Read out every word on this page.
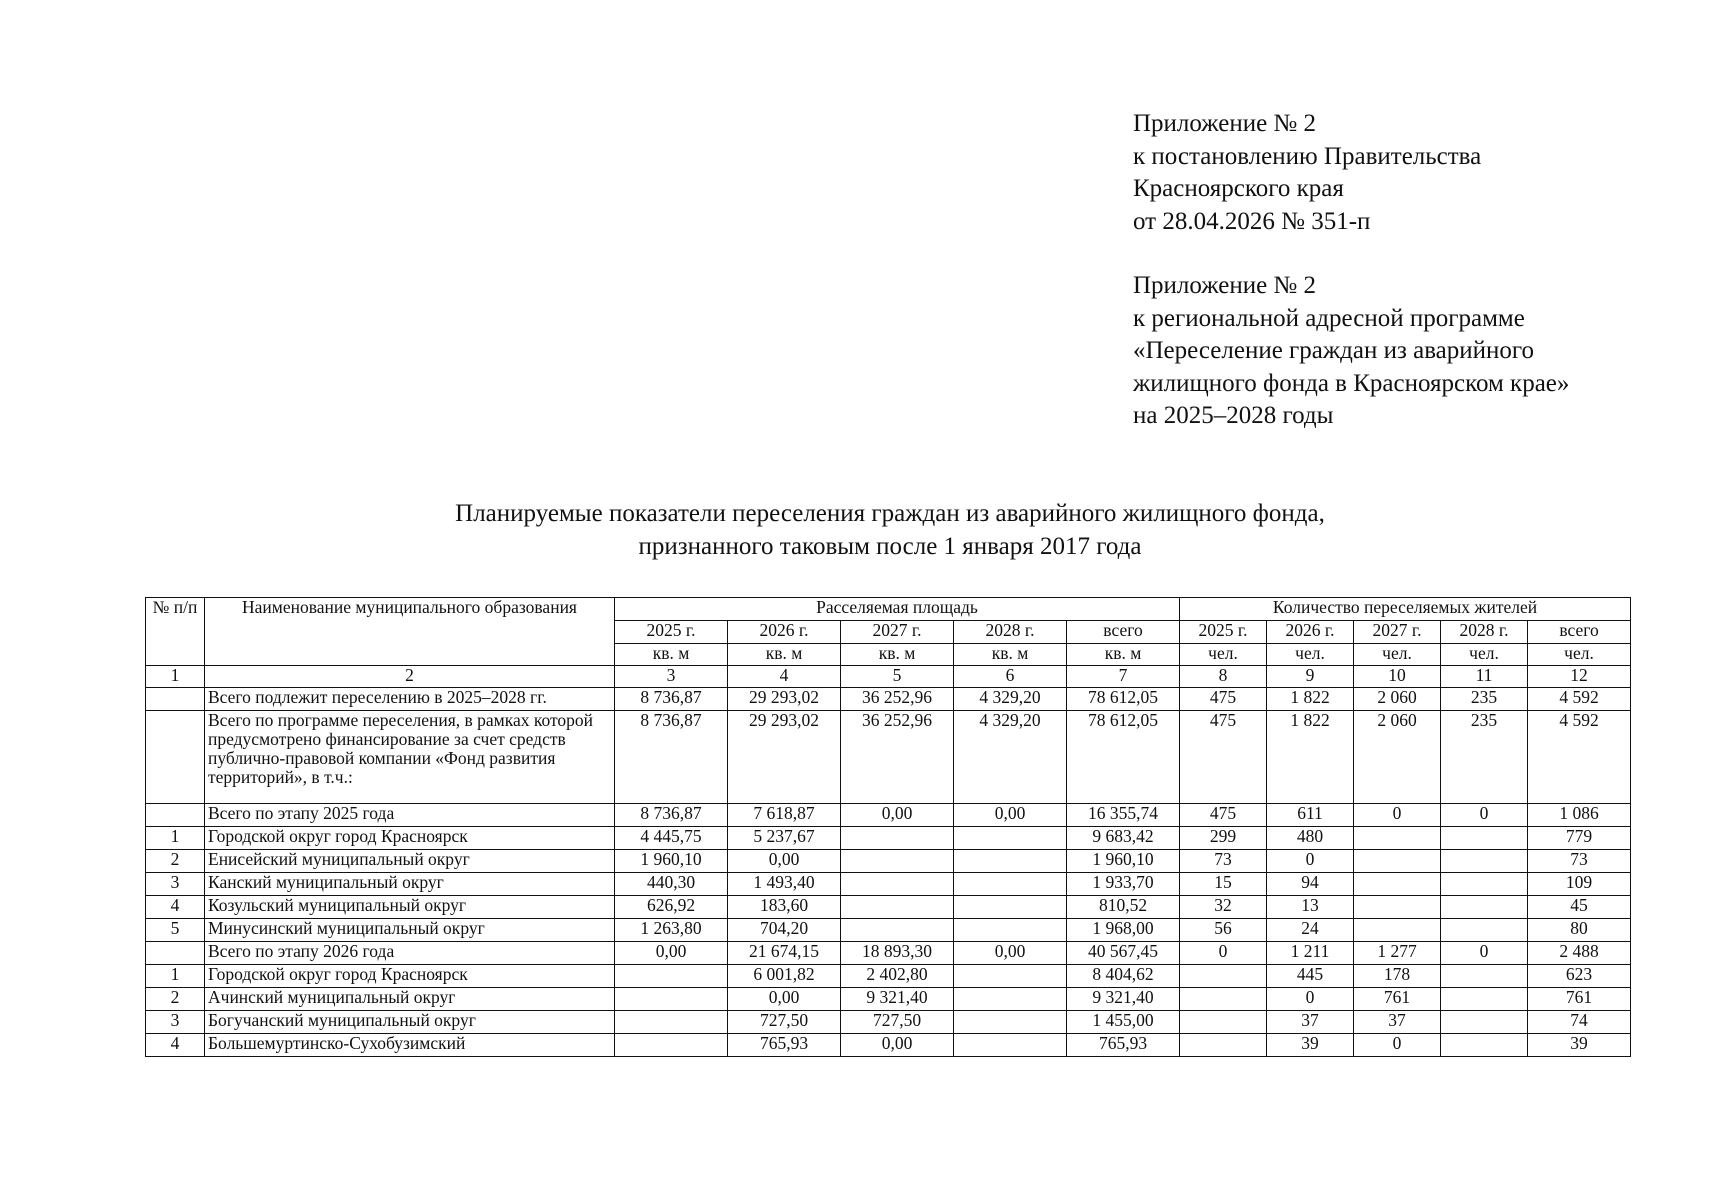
Приложение № 2
к постановлению Правительства
Красноярского края
от 28.04.2026 № 351-п
Приложение № 2
к региональной адресной программе
«Переселение граждан из аварийного
жилищного фонда в Красноярском крае»
на 2025–2028 годы
Планируемые показатели переселения граждан из аварийного жилищного фонда,
признанного таковым после 1 января 2017 года
№ п/п	Наименование муниципального образования	Расселяемая площадь					Количество переселяемых жителей				
		2025 г.	2026 г.	2027 г.	2028 г.	всего	2025 г.	2026 г.	2027 г.	2028 г.	всего
		кв. м	кв. м	кв. м	кв. м	кв. м	чел.	чел.	чел.	чел.	чел.
1	2	3	4	5	6	7	8	9	10	11	12
	Всего подлежит переселению в 2025–2028 гг.	8 736,87	29 293,02	36 252,96	4 329,20	78 612,05	475	1 822	2 060	235	4 592
	Всего по программе переселения, в рамках которой предусмотрено финансирование за счет средств публично-правовой компании «Фонд развития территорий», в т.ч.:	8 736,87	29 293,02	36 252,96	4 329,20	78 612,05	475	1 822	2 060	235	4 592
	Всего по этапу 2025 года	8 736,87	7 618,87	0,00	0,00	16 355,74	475	611	0	0	1 086
1	Городской округ город Красноярск	4 445,75	5 237,67			9 683,42	299	480			779
2	Енисейский муниципальный округ	1 960,10	0,00			1 960,10	73	0			73
3	Канский муниципальный округ	440,30	1 493,40			1 933,70	15	94			109
4	Козульский муниципальный округ	626,92	183,60			810,52	32	13			45
5	Минусинский муниципальный округ	1 263,80	704,20			1 968,00	56	24			80
	Всего по этапу 2026 года	0,00	21 674,15	18 893,30	0,00	40 567,45	0	1 211	1 277	0	2 488
1	Городской округ город Красноярск		6 001,82	2 402,80		8 404,62		445	178		623
2	Ачинский муниципальный округ		0,00	9 321,40		9 321,40		0	761		761
3	Богучанский муниципальный округ		727,50	727,50		1 455,00		37	37		74
4	Большемуртинско-Сухобузимский		765,93	0,00		765,93		39	0		39
